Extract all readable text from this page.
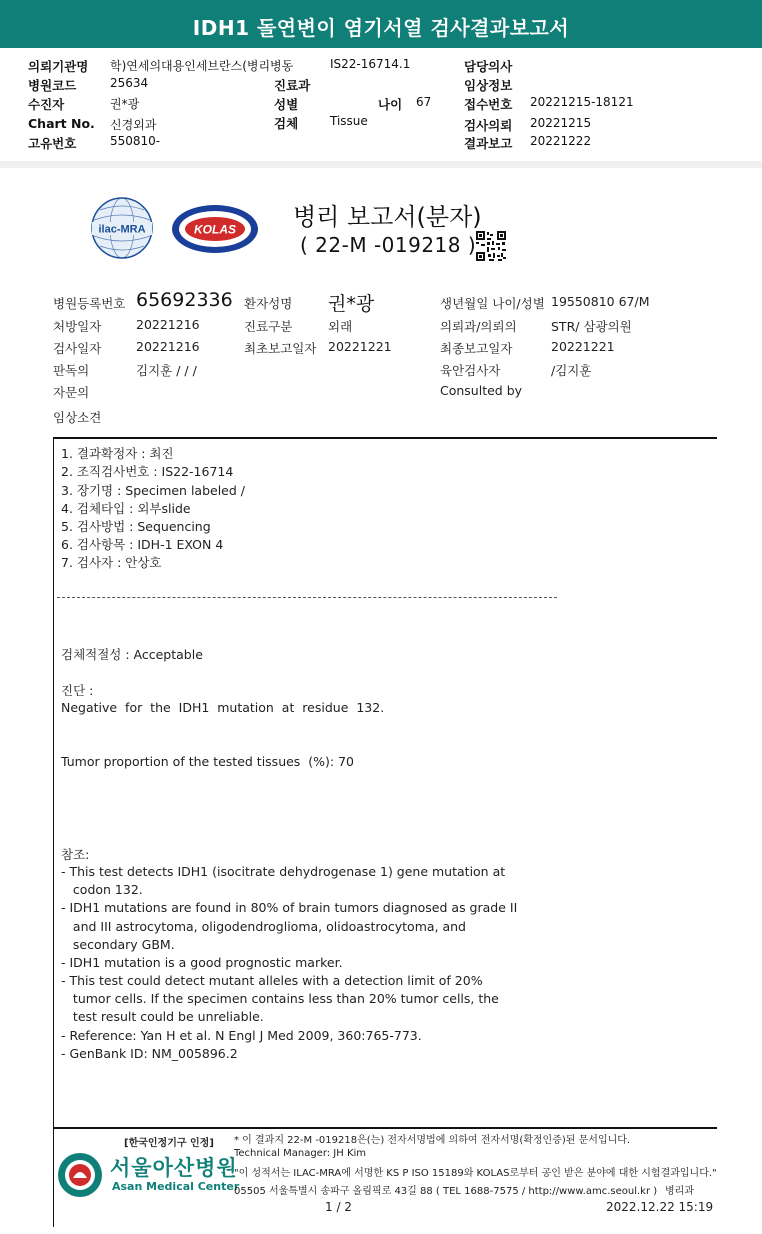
IDH1 돌연변이 염기서열 검사결과보고서
의뢰기관명 학)연세의대용인세브란스(병리병동	IS22-16714.1	담당의사
병원코드	25634	진료과	임상정보
수진자	권*광	성별	나이 67	접수번호 20221215-18121
Chart No. 신경외과	검체	Tissue	검사의뢰 20221215
고유번호	550810-	결과보고 20221222
ilac-MRA	KOLAS 병리 보고서(분자)
( 22-M -019218 )
병원등록번호 65692336 환자성명 권*광	생년월일 나이/성별 19550810 67/M
처방일자	20221216	진료구분	외래	의뢰과/의뢰의	STR/ 삼광의원
검사일자	20221216	최초보고일자 20221221	최종보고일자	20221221
판독의	김지훈 / / /	육안검사자	/김지훈
자문의	Consulted by
임상소견
1. 결과확정자 : 최진
2. 조직검사번호 : IS22-16714
3. 장기명 : Specimen labeled /
4. 검체타입 : 외부slide
5. 검사방법 : Sequencing
6. 검사항목 : IDH-1 EXON 4
7. 검사자 : 안상호
검체적절성 : Acceptable
진단 :
Negative  for  the  IDH1  mutation  at  residue  132.
Tumor proportion of the tested tissues  (%): 70
참조:
- This test detects IDH1 (isocitrate dehydrogenase 1) gene mutation at
codon 132.
- IDH1 mutations are found in 80% of brain tumors diagnosed as grade II
and III astrocytoma, oligodendroglioma, olidoastrocytoma, and
secondary GBM.
- IDH1 mutation is a good prognostic marker.
- This test could detect mutant alleles with a detection limit of 20%
tumor cells. If the specimen contains less than 20% tumor cells, the
test result could be unreliable.
- Reference: Yan H et al. N Engl J Med 2009, 360:765-773.
- GenBank ID: NM_005896.2
[한국인정기구 인정]
서울아산병원
Asan Medical Center
* 이 결과지 22-M -019218은(는) 전자서명법에 의하여 전자서명(확정인증)된 문서입니다.
Technical Manager: JH Kim
"이 성적서는 ILAC-MRA에 서명한 KS P ISO 15189와 KOLAS로부터 공인 받은 분야에 대한 시험결과입니다."
05505 서울특별시 송파구 올림픽로 43길 88 ( TEL 1688-7575 / http://www.amc.seoul.kr ) 병리과
1 / 2	2022.12.22 15:19
